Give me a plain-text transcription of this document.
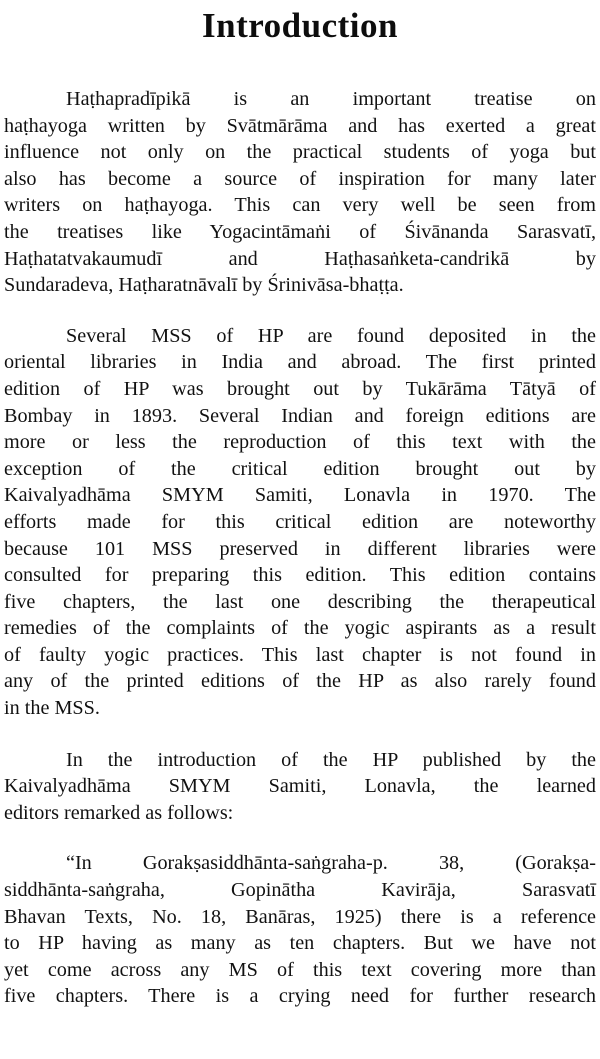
Introduction

Haṭhapradīpikā is an important treatise on
haṭhayoga written by Svātmārāma and has exerted a great
influence not only on the practical students of yoga but
also has become a source of inspiration for many later
writers on haṭhayoga. This can very well be seen from
the treatises like Yogacintāmaṅi of Śivānanda Sarasvatī,
Haṭhatatvakaumudī and Haṭhasaṅketa-candrikā by
Sundaradeva, Haṭharatnāvalī by Śrinivāsa-bhaṭṭa.

Several MSS of HP are found deposited in the
oriental libraries in India and abroad. The first printed
edition of HP was brought out by Tukārāma Tātyā of
Bombay in 1893. Several Indian and foreign editions are
more or less the reproduction of this text with the
exception of the critical edition brought out by
Kaivalyadhāma SMYM Samiti, Lonavla in 1970. The
efforts made for this critical edition are noteworthy
because 101 MSS preserved in different libraries were
consulted for preparing this edition. This edition contains
five chapters, the last one describing the therapeutical
remedies of the complaints of the yogic aspirants as a result
of faulty yogic practices. This last chapter is not found in
any of the printed editions of the HP as also rarely found
in the MSS.

In the introduction of the HP published by the
Kaivalyadhāma SMYM Samiti, Lonavla, the learned
editors remarked as follows:

“In Gorakṣasiddhānta-saṅgraha-p. 38, (Gorakṣa-
siddhānta-saṅgraha, Gopinātha Kavirāja, Sarasvatī
Bhavan Texts, No. 18, Banāras, 1925) there is a reference
to HP having as many as ten chapters. But we have not
yet come across any MS of this text covering more than
five chapters. There is a crying need for further research
